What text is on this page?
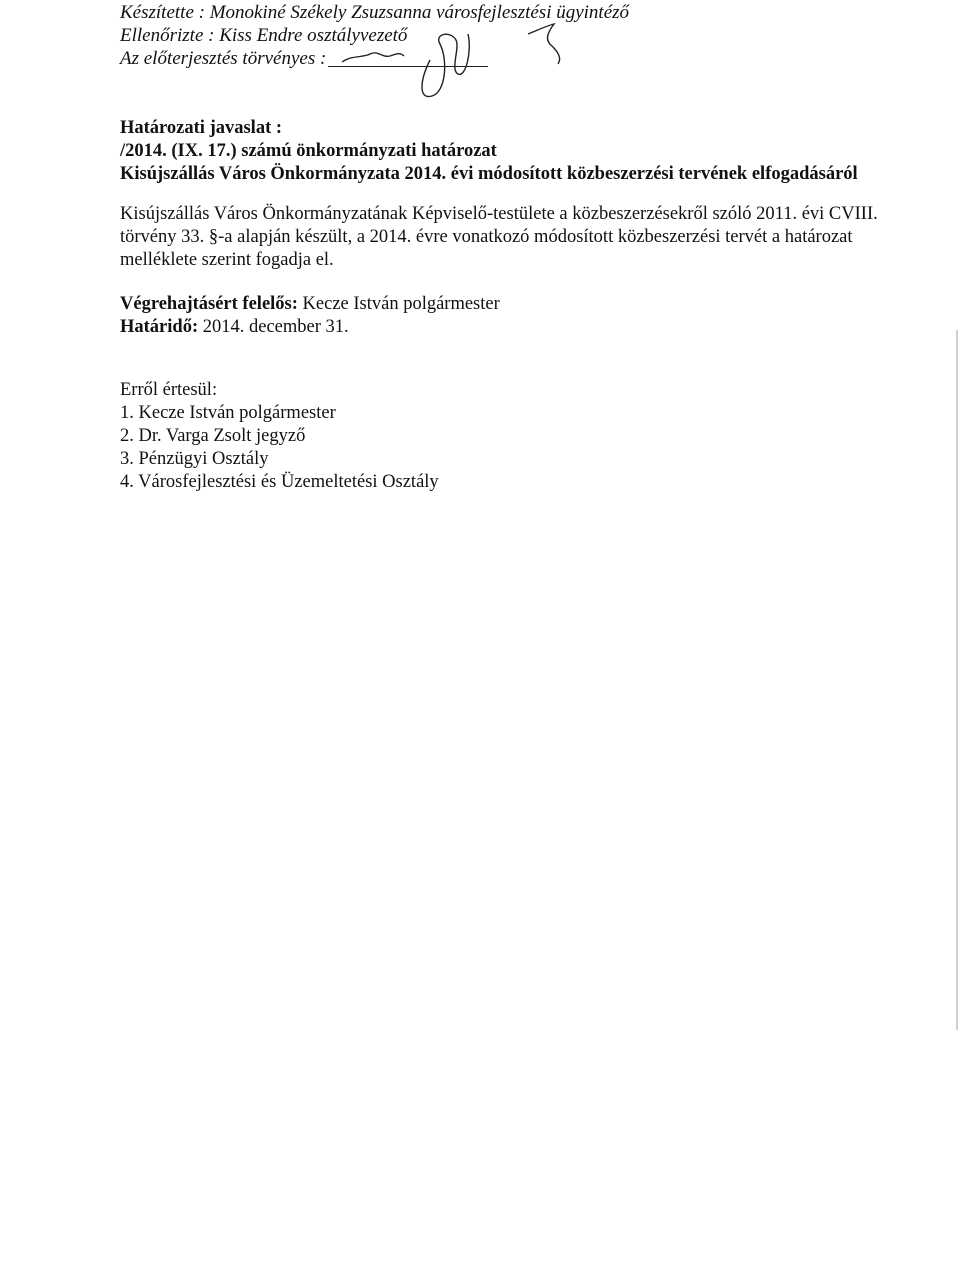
Készítette : Monokiné Székely Zsuzsanna városfejlesztési ügyintéző
Ellenőrizte : Kiss Endre osztályvezető
Az előterjesztés törvényes :
Határozati javaslat :
/2014. (IX. 17.) számú önkormányzati határozat
Kisújszállás Város Önkormányzata 2014. évi módosított közbeszerzési tervének elfogadásáról
Kisújszállás Város Önkormányzatának Képviselő-testülete a közbeszerzésekről szóló 2011. évi CVIII.
törvény 33. §-a alapján készült, a 2014. évre vonatkozó módosított közbeszerzési tervét a határozat
melléklete szerint fogadja el.
Végrehajtásért felelős: Kecze István polgármester
Határidő: 2014. december 31.
Erről értesül:
1. Kecze István polgármester
2. Dr. Varga Zsolt jegyző
3. Pénzügyi Osztály
4. Városfejlesztési és Üzemeltetési Osztály
